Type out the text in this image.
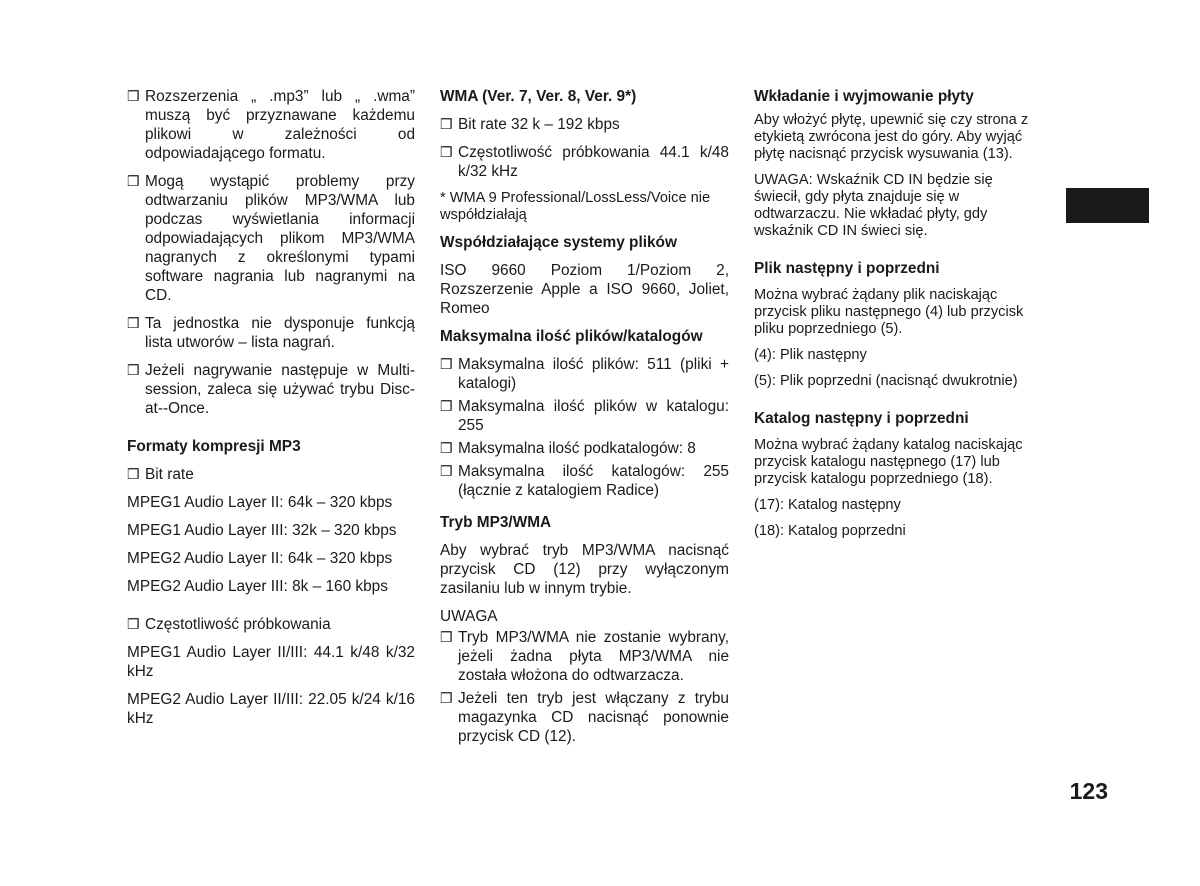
❒ Rozszerzenia „ .mp3” lub „ .wma” muszą być przyznawane każdemu plikowi w zależności od odpowiadającego formatu.

❒ Mogą wystąpić problemy przy odtwarzaniu plików MP3/WMA lub podczas wyświetlania informacji odpowiadających plikom MP3/WMA nagranych z określonymi typami software nagrania lub nagranymi na CD.

❒ Ta jednostka nie dysponuje funkcją lista utworów – lista nagrań.

❒ Jeżeli nagrywanie następuje w Multi-session, zaleca się używać trybu Disc-at--Once.

Formaty kompresji MP3

❒ Bit rate

MPEG1 Audio Layer II: 64k – 320 kbps

MPEG1 Audio Layer III: 32k – 320 kbps

MPEG2 Audio Layer II: 64k – 320 kbps

MPEG2 Audio Layer III: 8k – 160 kbps

❒ Częstotliwość próbkowania

MPEG1 Audio Layer II/III: 44.1 k/48 k/32 kHz

MPEG2 Audio Layer II/III: 22.05 k/24 k/16 kHz

WMA (Ver. 7, Ver. 8, Ver. 9*)

❒ Bit rate 32 k – 192 kbps

❒ Częstotliwość próbkowania 44.1 k/48 k/32 kHz

* WMA 9 Professional/LossLess/Voice nie współdziałają

Współdziałające systemy plików

ISO 9660 Poziom 1/Poziom 2, Rozszerzenie Apple a ISO 9660, Joliet, Romeo

Maksymalna ilość plików/katalogów

❒ Maksymalna ilość plików: 511 (pliki + katalogi)

❒ Maksymalna ilość plików w katalogu: 255

❒ Maksymalna ilość podkatalogów: 8

❒ Maksymalna ilość katalogów: 255 (łącznie z katalogiem Radice)

Tryb MP3/WMA

Aby wybrać tryb MP3/WMA nacisnąć przycisk CD (12) przy wyłączonym zasilaniu lub w innym trybie.

UWAGA

❒ Tryb MP3/WMA nie zostanie wybrany, jeżeli żadna płyta MP3/WMA nie została włożona do odtwarzacza.

❒ Jeżeli ten tryb jest włączany z trybu magazynka CD nacisnąć ponownie przycisk CD (12).

Wkładanie i wyjmowanie płyty

Aby włożyć płytę, upewnić się czy strona z etykietą zwrócona jest do góry. Aby wyjąć płytę nacisnąć przycisk wysuwania (13).

UWAGA: Wskaźnik CD IN będzie się świecił, gdy płyta znajduje się w odtwarzaczu. Nie wkładać płyty, gdy wskaźnik CD IN świeci się.

Plik następny i poprzedni

Można wybrać żądany plik naciskając przycisk pliku następnego (4) lub przycisk pliku poprzedniego (5).

(4): Plik następny

(5): Plik poprzedni (nacisnąć dwukrotnie)

Katalog następny i poprzedni

Można wybrać żądany katalog naciskając przycisk katalogu następnego (17) lub przycisk katalogu poprzedniego (18).

(17): Katalog następny

(18): Katalog poprzedni

123
